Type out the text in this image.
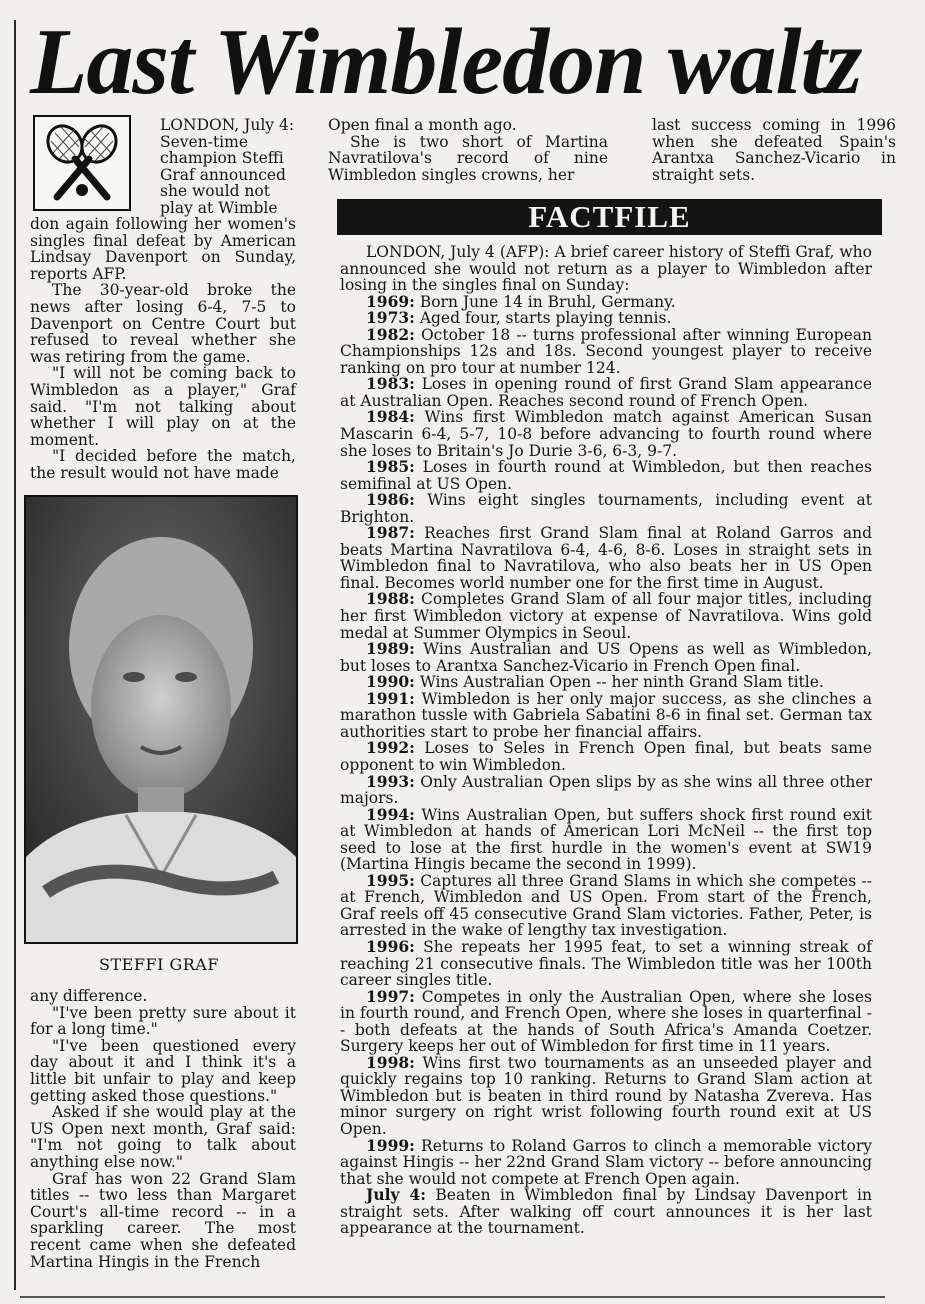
Last Wimbledon waltz
LONDON, July 4: Seven-time champion Steffi Graf announced she would not play at Wimble

don again following her women's singles final defeat by American Lindsay Davenport on Sunday, reports AFP.

The 30-year-old broke the news after losing 6-4, 7-5 to Davenport on Centre Court but refused to reveal whether she was retiring from the game.

"I will not be coming back to Wimbledon as a player," Graf said. "I'm not talking about whether I will play on at the moment.

"I decided before the match, the result would not have made

STEFFI GRAF

any difference.

"I've been pretty sure about it for a long time."

"I've been questioned every day about it and I think it's a little bit unfair to play and keep getting asked those questions."

Asked if she would play at the US Open next month, Graf said: "I'm not going to talk about anything else now."

Graf has won 22 Grand Slam titles -- two less than Margaret Court's all-time record -- in a sparkling career. The most recent came when she defeated Martina Hingis in the French

Open final a month ago.

She is two short of Martina Navratilova's record of nine Wimbledon singles crowns, her

last success coming in 1996 when she defeated Spain's Arantxa Sanchez-Vicario in straight sets.

FACTFILE

LONDON, July 4 (AFP): A brief career history of Steffi Graf, who announced she would not return as a player to Wimbledon after losing in the singles final on Sunday:

1969: Born June 14 in Bruhl, Germany.

1973: Aged four, starts playing tennis.

1982: October 18 -- turns professional after winning European Championships 12s and 18s. Second youngest player to receive ranking on pro tour at number 124.

1983: Loses in opening round of first Grand Slam appearance at Australian Open. Reaches second round of French Open.

1984: Wins first Wimbledon match against American Susan Mascarin 6-4, 5-7, 10-8 before advancing to fourth round where she loses to Britain's Jo Durie 3-6, 6-3, 9-7.

1985: Loses in fourth round at Wimbledon, but then reaches semifinal at US Open.

1986: Wins eight singles tournaments, including event at Brighton.

1987: Reaches first Grand Slam final at Roland Garros and beats Martina Navratilova 6-4, 4-6, 8-6. Loses in straight sets in Wimbledon final to Navratilova, who also beats her in US Open final. Becomes world number one for the first time in August.

1988: Completes Grand Slam of all four major titles, including her first Wimbledon victory at expense of Navratilova. Wins gold medal at Summer Olympics in Seoul.

1989: Wins Australian and US Opens as well as Wimbledon, but loses to Arantxa Sanchez-Vicario in French Open final.

1990: Wins Australian Open -- her ninth Grand Slam title.

1991: Wimbledon is her only major success, as she clinches a marathon tussle with Gabriela Sabatini 8-6 in final set. German tax authorities start to probe her financial affairs.

1992: Loses to Seles in French Open final, but beats same opponent to win Wimbledon.

1993: Only Australian Open slips by as she wins all three other majors.

1994: Wins Australian Open, but suffers shock first round exit at Wimbledon at hands of American Lori McNeil -- the first top seed to lose at the first hurdle in the women's event at SW19 (Martina Hingis became the second in 1999).

1995: Captures all three Grand Slams in which she competes -- at French, Wimbledon and US Open. From start of the French, Graf reels off 45 consecutive Grand Slam victories. Father, Peter, is arrested in the wake of lengthy tax investigation.

1996: She repeats her 1995 feat, to set a winning streak of reaching 21 consecutive finals. The Wimbledon title was her 100th career singles title.

1997: Competes in only the Australian Open, where she loses in fourth round, and French Open, where she loses in quarterfinal -- both defeats at the hands of South Africa's Amanda Coetzer. Surgery keeps her out of Wimbledon for first time in 11 years.

1998: Wins first two tournaments as an unseeded player and quickly regains top 10 ranking. Returns to Grand Slam action at Wimbledon but is beaten in third round by Natasha Zvereva. Has minor surgery on right wrist following fourth round exit at US Open.

1999: Returns to Roland Garros to clinch a memorable victory against Hingis -- her 22nd Grand Slam victory -- before announcing that she would not compete at French Open again.

July 4: Beaten in Wimbledon final by Lindsay Davenport in straight sets. After walking off court announces it is her last appearance at the tournament.
